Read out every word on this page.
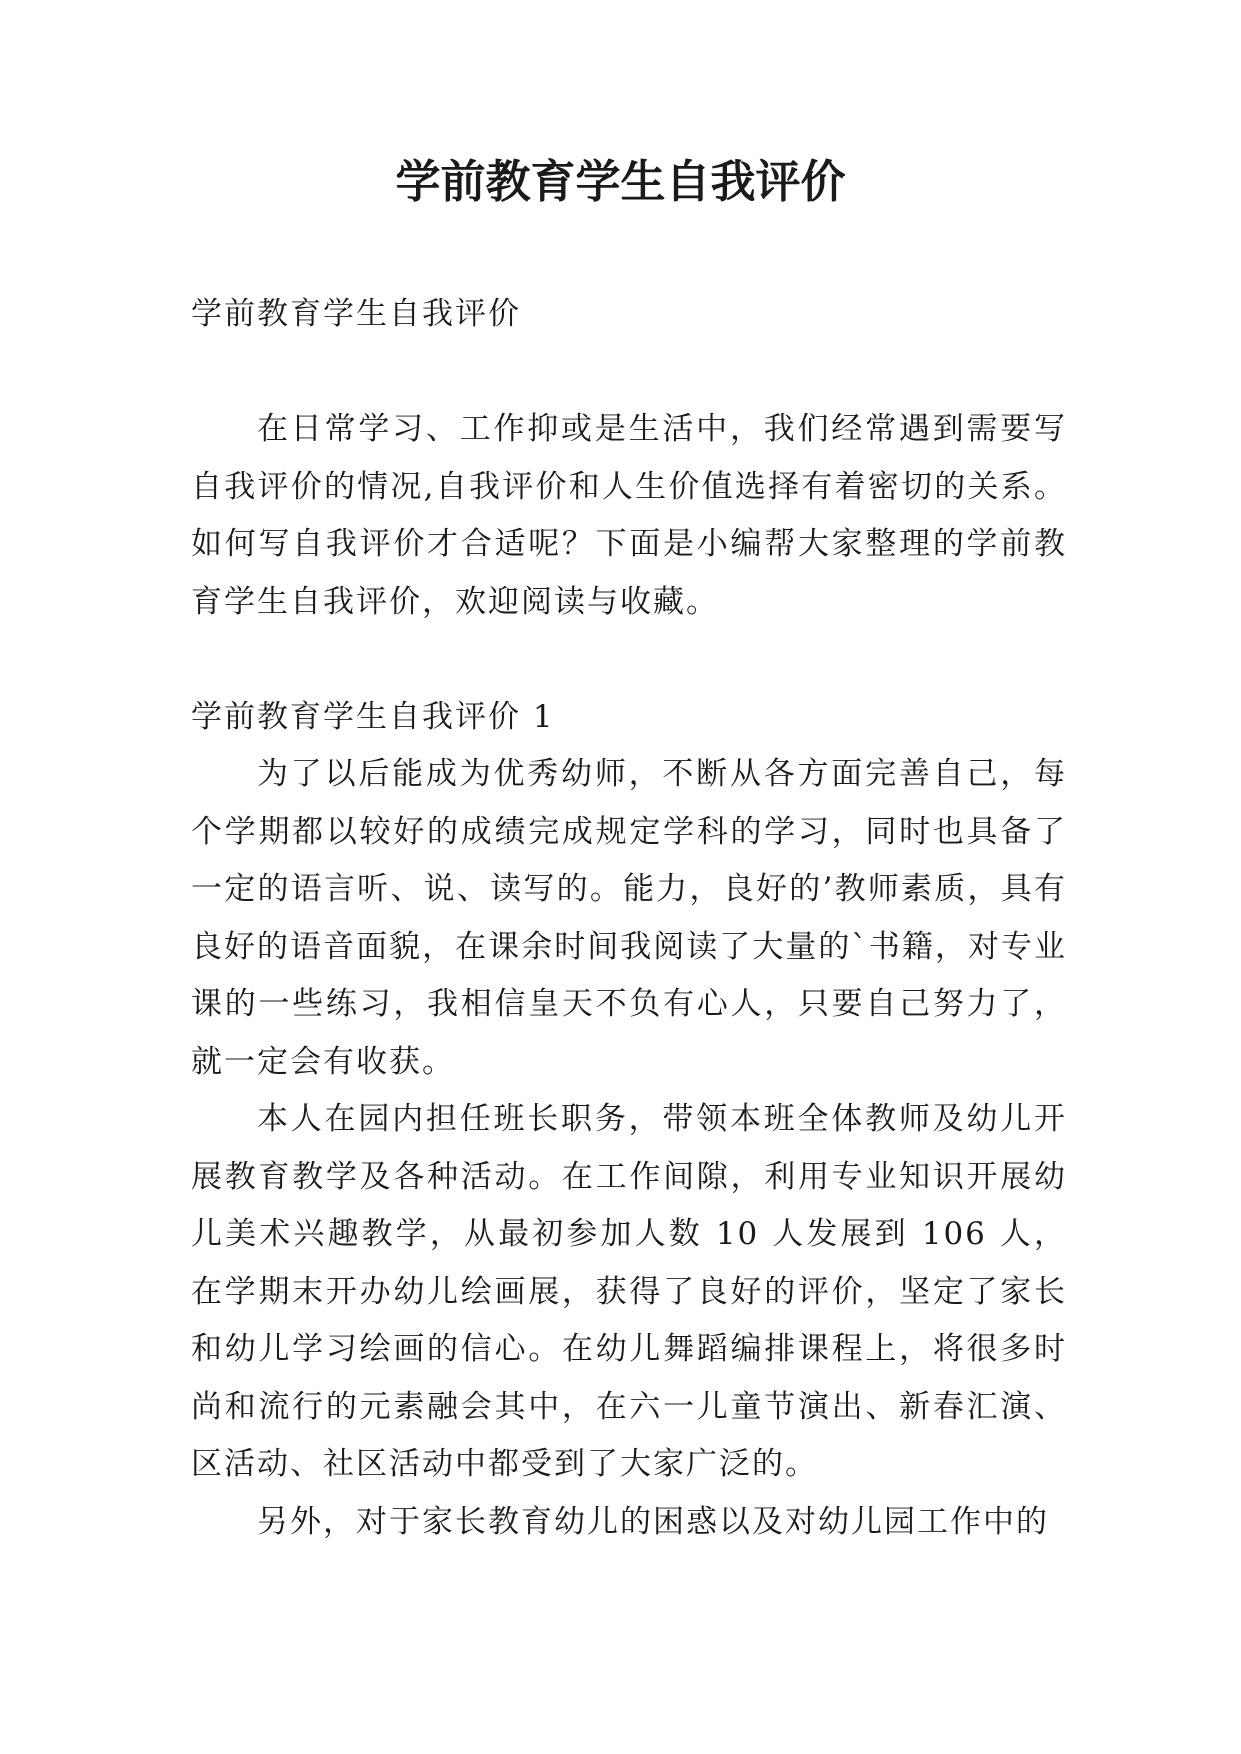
学前教育学生自我评价

学前教育学生自我评价

在日常学习、工作抑或是生活中，我们经常遇到需要写自我评价的情况,自我评价和人生价值选择有着密切的关系。如何写自我评价才合适呢？下面是小编帮大家整理的学前教育学生自我评价，欢迎阅读与收藏。

学前教育学生自我评价 1

为了以后能成为优秀幼师，不断从各方面完善自己，每个学期都以较好的成绩完成规定学科的学习，同时也具备了一定的语言听、说、读写的。能力，良好的’教师素质，具有良好的语音面貌，在课余时间我阅读了大量的`书籍，对专业课的一些练习，我相信皇天不负有心人，只要自己努力了，就一定会有收获。

本人在园内担任班长职务，带领本班全体教师及幼儿开展教育教学及各种活动。在工作间隙，利用专业知识开展幼儿美术兴趣教学，从最初参加人数 10 人发展到 106 人，在学期末开办幼儿绘画展，获得了良好的评价，坚定了家长和幼儿学习绘画的信心。在幼儿舞蹈编排课程上，将很多时尚和流行的元素融会其中，在六一儿童节演出、新春汇演、区活动、社区活动中都受到了大家广泛的。

另外，对于家长教育幼儿的困惑以及对幼儿园工作中的
